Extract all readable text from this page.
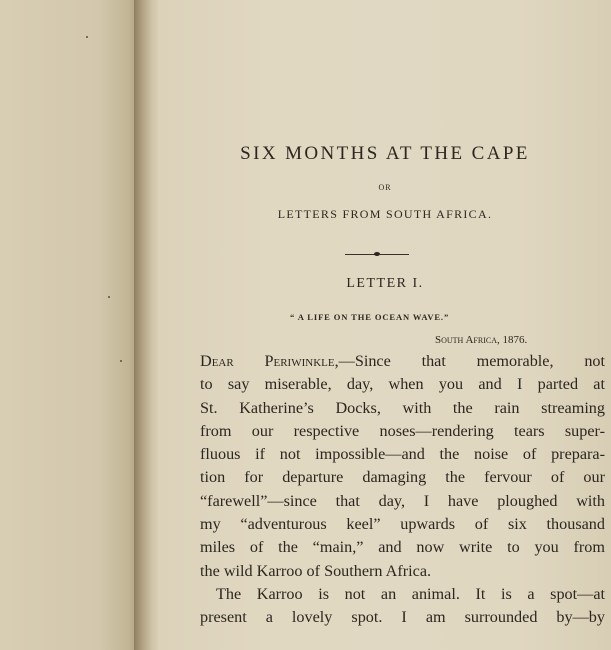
SIX MONTHS AT THE CAPE
OR
LETTERS FROM SOUTH AFRICA.
LETTER I.
“ A LIFE ON THE OCEAN WAVE.”
South Africa, 1876.
Dear Periwinkle,—Since that memorable, not
to say miserable, day, when you and I parted at
St. Katherine’s Docks, with the rain streaming
from our respective noses—rendering tears super-
fluous if not impossible—and the noise of prepara-
tion for departure damaging the fervour of our
“farewell”—since that day, I have ploughed with
my “adventurous keel” upwards of six thousand
miles of the “main,” and now write to you from
the wild Karroo of Southern Africa.
The Karroo is not an animal. It is a spot—at
present a lovely spot. I am surrounded by—by
